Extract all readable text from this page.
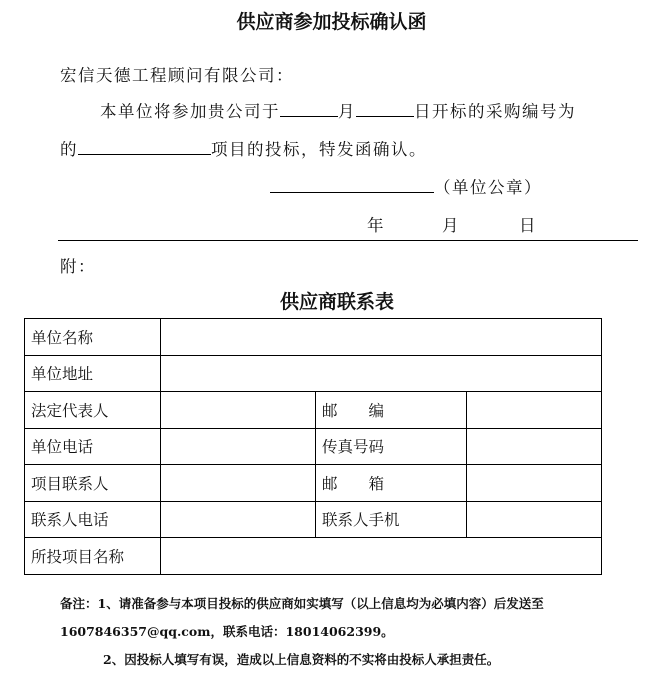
供应商参加投标确认函
宏信天德工程顾问有限公司：
本单位将参加贵公司于	月	日开标的采购编号为
的	项目的投标，特发函确认。
（单位公章）
年	月	日
附：
供应商联系表
单位名称			
单位地址			
法定代表人		邮　　编	
单位电话		传真号码	
项目联系人		邮　　箱	
联系人电话		联系人手机	
所投项目名称			
备注：1、请准备参与本项目投标的供应商如实填写（以上信息均为必填内容）后发送至
1607846357@qq.com，联系电话：18014062399。
2、因投标人填写有误，造成以上信息资料的不实将由投标人承担责任。
